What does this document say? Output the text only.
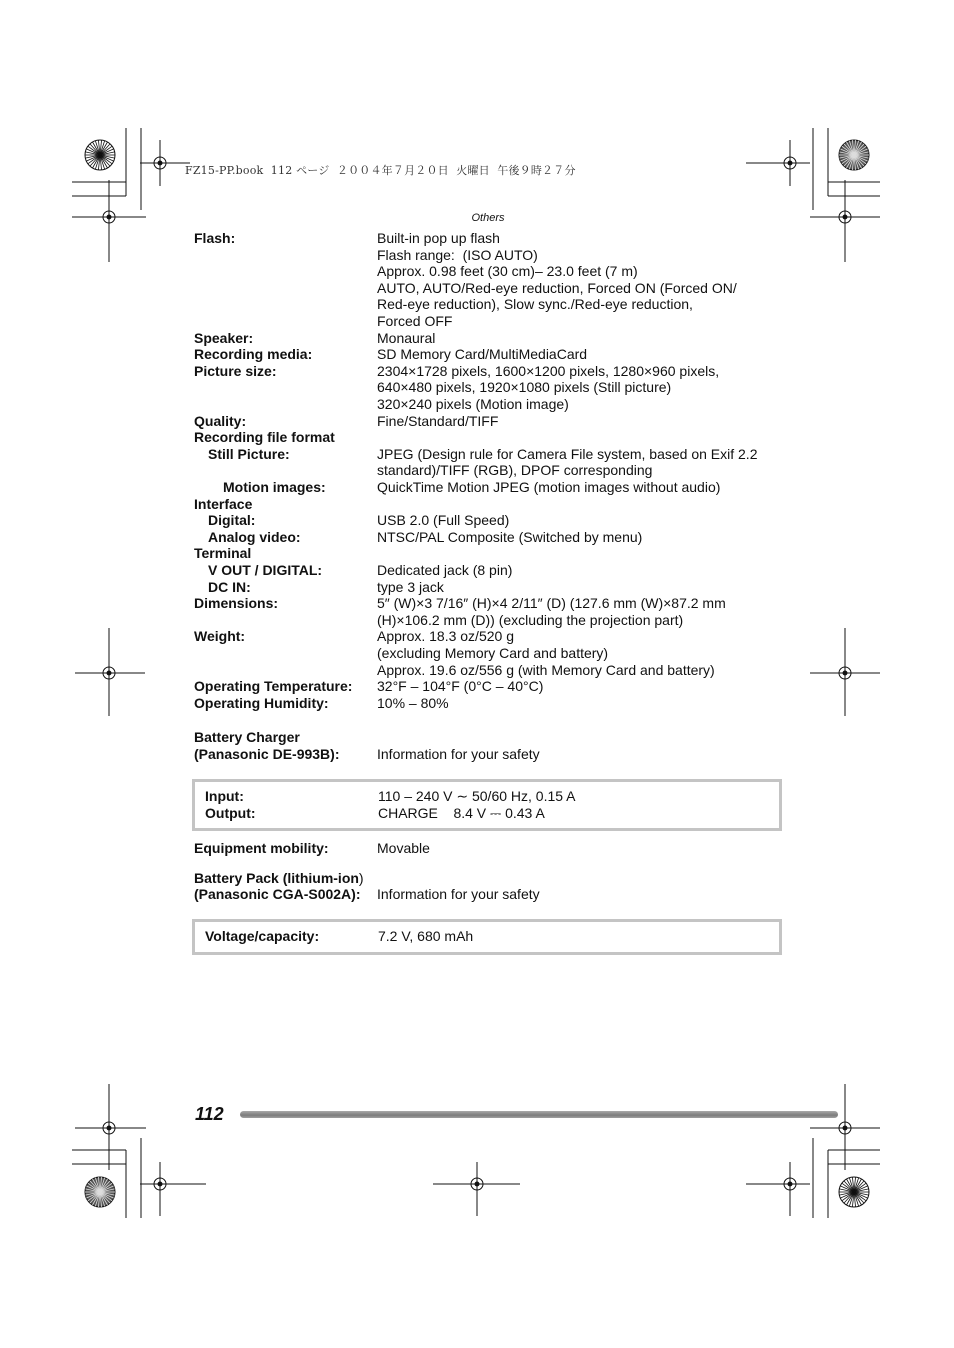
FZ15-PP.book  112 ページ  ２００４年７月２０日  火曜日  午後９時２７分
Others
Flash:	Built-in pop up flash
Flash range:  (ISO AUTO)
Approx. 0.98 feet (30 cm)– 23.0 feet (7 m)
AUTO, AUTO/Red-eye reduction, Forced ON (Forced ON/
Red-eye reduction), Slow sync./Red-eye reduction,
Forced OFF
Speaker:	Monaural
Recording media:	SD Memory Card/MultiMediaCard
Picture size:	2304×1728 pixels, 1600×1200 pixels, 1280×960 pixels,
640×480 pixels, 1920×1080 pixels (Still picture)
320×240 pixels (Motion image)
Quality:	Fine/Standard/TIFF
Recording file format
Still Picture:	JPEG (Design rule for Camera File system, based on Exif 2.2
standard)/TIFF (RGB), DPOF corresponding
Motion images:	QuickTime Motion JPEG (motion images without audio)
Interface
Digital:	USB 2.0 (Full Speed)
Analog video:	NTSC/PAL Composite (Switched by menu)
Terminal
V OUT / DIGITAL:	Dedicated jack (8 pin)
DC IN:	type 3 jack
Dimensions:	5″ (W)×3 7/16″ (H)×4 2/11″ (D) (127.6 mm (W)×87.2 mm
(H)×106.2 mm (D)) (excluding the projection part)
Weight:	Approx. 18.3 oz/520 g
(excluding Memory Card and battery)
Approx. 19.6 oz/556 g (with Memory Card and battery)
Operating Temperature: 32°F – 104°F (0°C – 40°C)
Operating Humidity:	10% – 80%
Battery Charger
(Panasonic DE-993B):	Information for your safety
Input:	110 – 240 V ∼ 50/60 Hz, 0.15 A
Output:	CHARGE    8.4 V ⎓ 0.43 A
Equipment mobility:	Movable
Battery Pack (lithium-ion)
(Panasonic CGA-S002A): Information for your safety
Voltage/capacity:	7.2 V, 680 mAh
112
